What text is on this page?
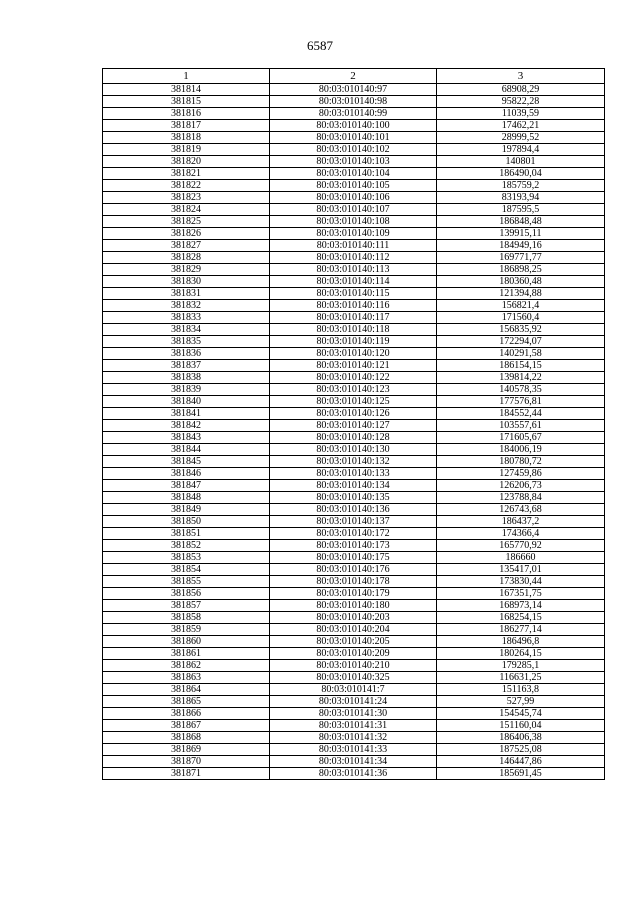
6587
1	2	3
381814	80:03:010140:97	68908,29
381815	80:03:010140:98	95822,28
381816	80:03:010140:99	11039,59
381817	80:03:010140:100	17462,21
381818	80:03:010140:101	28999,52
381819	80:03:010140:102	197894,4
381820	80:03:010140:103	140801
381821	80:03:010140:104	186490,04
381822	80:03:010140:105	185759,2
381823	80:03:010140:106	83193,94
381824	80:03:010140:107	187595,5
381825	80:03:010140:108	186848,48
381826	80:03:010140:109	139915,11
381827	80:03:010140:111	184949,16
381828	80:03:010140:112	169771,77
381829	80:03:010140:113	186898,25
381830	80:03:010140:114	180360,48
381831	80:03:010140:115	121394,88
381832	80:03:010140:116	156821,4
381833	80:03:010140:117	171560,4
381834	80:03:010140:118	156835,92
381835	80:03:010140:119	172294,07
381836	80:03:010140:120	140291,58
381837	80:03:010140:121	186154,15
381838	80:03:010140:122	139814,22
381839	80:03:010140:123	140578,35
381840	80:03:010140:125	177576,81
381841	80:03:010140:126	184552,44
381842	80:03:010140:127	103557,61
381843	80:03:010140:128	171605,67
381844	80:03:010140:130	184006,19
381845	80:03:010140:132	180780,72
381846	80:03:010140:133	127459,86
381847	80:03:010140:134	126206,73
381848	80:03:010140:135	123788,84
381849	80:03:010140:136	126743,68
381850	80:03:010140:137	186437,2
381851	80:03:010140:172	174366,4
381852	80:03:010140:173	165770,92
381853	80:03:010140:175	186660
381854	80:03:010140:176	135417,01
381855	80:03:010140:178	173830,44
381856	80:03:010140:179	167351,75
381857	80:03:010140:180	168973,14
381858	80:03:010140:203	168254,15
381859	80:03:010140:204	186277,14
381860	80:03:010140:205	186496,8
381861	80:03:010140:209	180264,15
381862	80:03:010140:210	179285,1
381863	80:03:010140:325	116631,25
381864	80:03:010141:7	151163,8
381865	80:03:010141:24	527,99
381866	80:03:010141:30	154545,74
381867	80:03:010141:31	151160,04
381868	80:03:010141:32	186406,38
381869	80:03:010141:33	187525,08
381870	80:03:010141:34	146447,86
381871	80:03:010141:36	185691,45
